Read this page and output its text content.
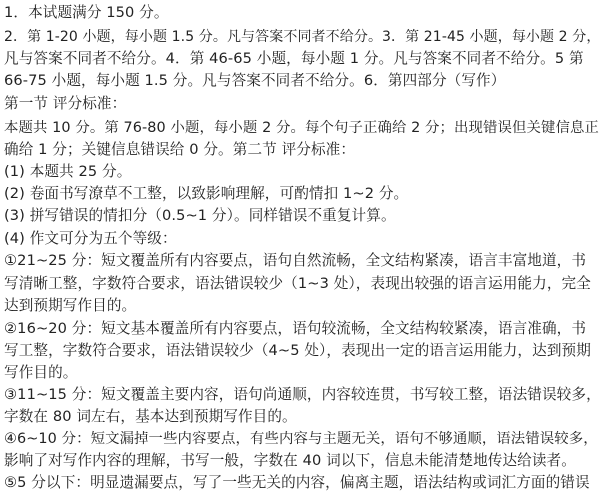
1．本试题满分 150 分。
2．第 1-20 小题，每小题 1.5 分。凡与答案不同者不给分。3．第 21-45 小题，每小题 2 分，
凡与答案不同者不给分。4．第 46-65 小题，每小题 1 分。凡与答案不同者不给分。5 第
66-75 小题，每小题 1.5 分。凡与答案不同者不给分。6．第四部分（写作）
第一节 评分标准：
本题共 10 分。第 76-80 小题，每小题 2 分。每个句子正确给 2 分；出现错误但关键信息正
确给 1 分；关键信息错误给 0 分。第二节 评分标准：
(1) 本题共 25 分。
(2) 卷面书写潦草不工整，以致影响理解，可酌情扣 1~2 分。
(3) 拼写错误的情扣分（0.5~1 分）。同样错误不重复计算。
(4) 作文可分为五个等级：
①21~25 分：短文覆盖所有内容要点，语句自然流畅，全文结构紧凑，语言丰富地道，书
写清晰工整，字数符合要求，语法错误较少（1~3 处），表现出较强的语言运用能力，完全
达到预期写作目的。
②16~20 分：短文基本覆盖所有内容要点，语句较流畅，全文结构较紧凑，语言准确，书
写工整，字数符合要求，语法错误较少（4~5 处），表现出一定的语言运用能力，达到预期
写作目的。
③11~15 分：短文覆盖主要内容，语句尚通顺，内容较连贯，书写较工整，语法错误较多，
字数在 80 词左右，基本达到预期写作目的。
④6~10 分：短文漏掉一些内容要点，有些内容与主题无关，语句不够通顺，语法错误较多，
影响了对写作内容的理解，书写一般，字数在 40 词以下，信息未能清楚地传达给读者。
⑤5 分以下：明显遗漏要点，写了一些无关的内容，偏离主题，语法结构或词汇方面的错误
